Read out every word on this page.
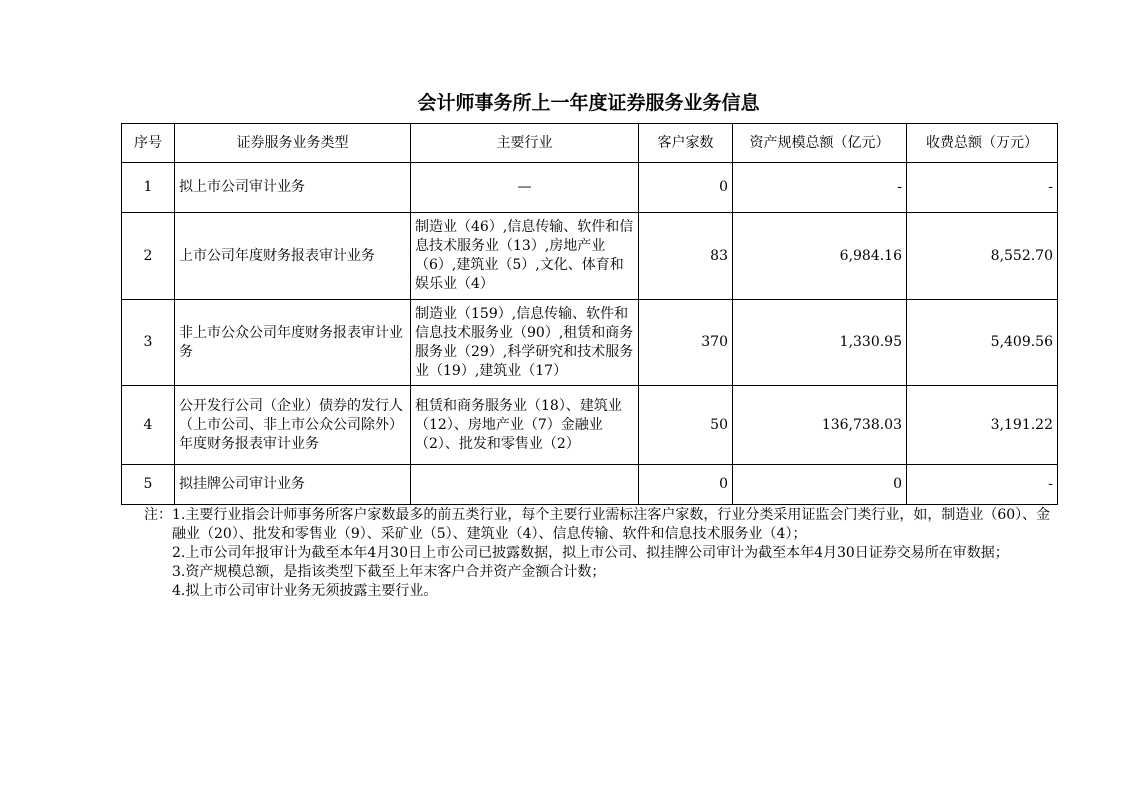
会计师事务所上一年度证券服务业务信息
序号	证券服务业务类型	主要行业	客户家数	资产规模总额（亿元）	收费总额（万元）
1	拟上市公司审计业务	—	0	-	-
2	上市公司年度财务报表审计业务	制造业（46）,信息传输、软件和信息技术服务业（13）,房地产业（6）,建筑业（5）,文化、体育和娱乐业（4）	83	6,984.16	8,552.70
3	非上市公众公司年度财务报表审计业务	制造业（159）,信息传输、软件和信息技术服务业（90）,租赁和商务服务业（29）,科学研究和技术服务业（19）,建筑业（17）	370	1,330.95	5,409.56
4	公开发行公司（企业）债券的发行人（上市公司、非上市公众公司除外）年度财务报表审计业务	租赁和商务服务业（18）、建筑业（12）、房地产业（7）金融业（2）、批发和零售业（2）	50	136,738.03	3,191.22
5	拟挂牌公司审计业务		0	0	-
注： 1.主要行业指会计师事务所客户家数最多的前五类行业，每个主要行业需标注客户家数，行业分类采用证监会门类行业，如，制造业（60）、金融业（20）、批发和零售业（9）、采矿业（5）、建筑业（4）、信息传输、软件和信息技术服务业（4）；

2.上市公司年报审计为截至本年4月30日上市公司已披露数据，拟上市公司、拟挂牌公司审计为截至本年4月30日证券交易所在审数据；

3.资产规模总额，是指该类型下截至上年末客户合并资产金额合计数；

4.拟上市公司审计业务无须披露主要行业。
